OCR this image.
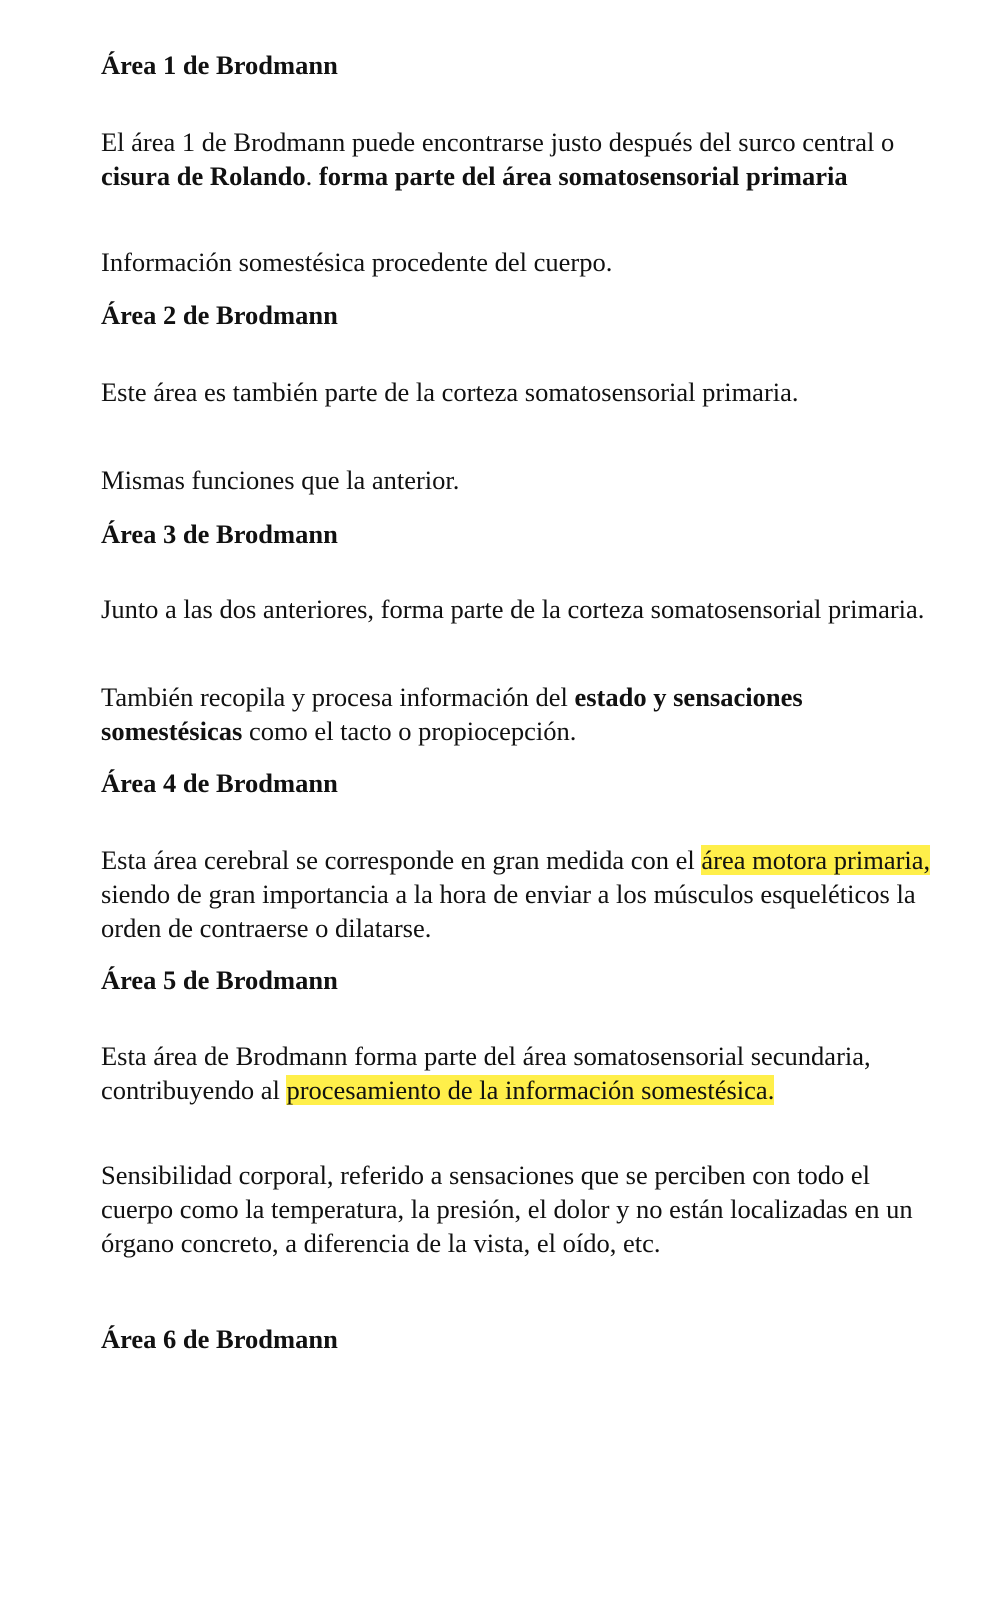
Área 1 de Brodmann

El área 1 de Brodmann puede encontrarse justo después del surco central o cisura de Rolando. forma parte del área somatosensorial primaria

Información somestésica procedente del cuerpo.

Área 2 de Brodmann

Este área es también parte de la corteza somatosensorial primaria.

Mismas funciones que la anterior.

Área 3 de Brodmann

Junto a las dos anteriores, forma parte de la corteza somatosensorial primaria.

También recopila y procesa información del estado y sensaciones somestésicas como el tacto o propiocepción.

Área 4 de Brodmann

Esta área cerebral se corresponde en gran medida con el área motora primaria, siendo de gran importancia a la hora de enviar a los músculos esqueléticos la orden de contraerse o dilatarse.

Área 5 de Brodmann

Esta área de Brodmann forma parte del área somatosensorial secundaria, contribuyendo al procesamiento de la información somestésica.

Sensibilidad corporal, referido a sensaciones que se perciben con todo el cuerpo como la temperatura, la presión, el dolor y no están localizadas en un órgano concreto, a diferencia de la vista, el oído, etc.

Área 6 de Brodmann
